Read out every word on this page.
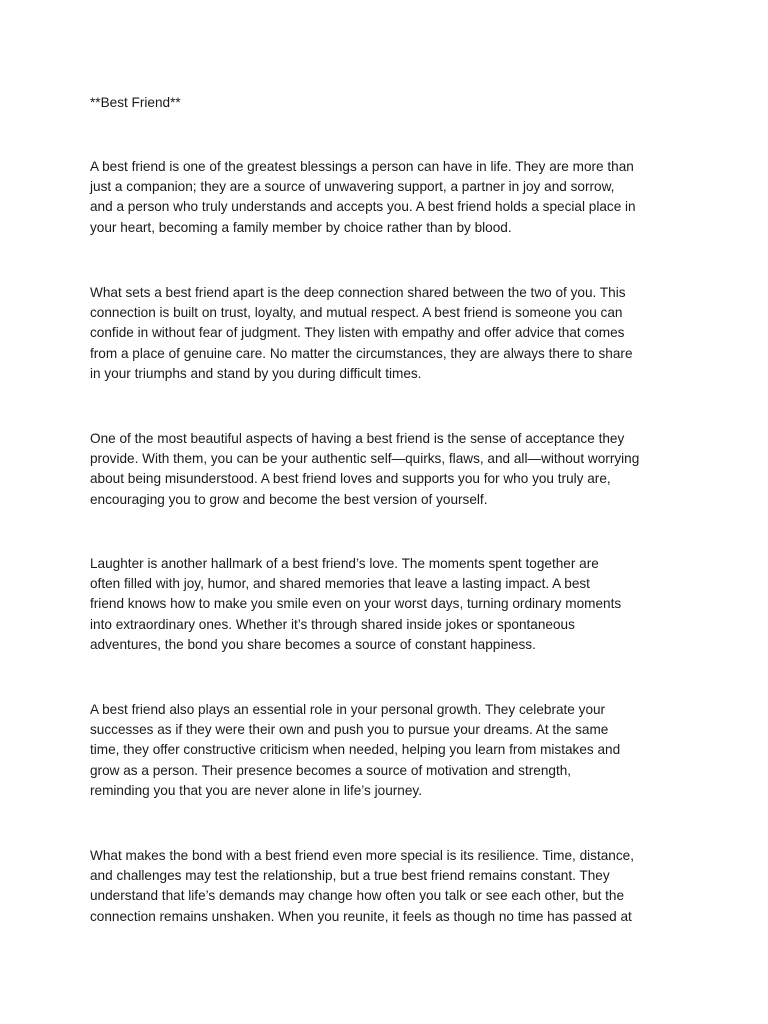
**Best Friend**

A best friend is one of the greatest blessings a person can have in life. They are more than
just a companion; they are a source of unwavering support, a partner in joy and sorrow,
and a person who truly understands and accepts you. A best friend holds a special place in
your heart, becoming a family member by choice rather than by blood.
What sets a best friend apart is the deep connection shared between the two of you. This
connection is built on trust, loyalty, and mutual respect. A best friend is someone you can
confide in without fear of judgment. They listen with empathy and offer advice that comes
from a place of genuine care. No matter the circumstances, they are always there to share
in your triumphs and stand by you during difficult times.
One of the most beautiful aspects of having a best friend is the sense of acceptance they
provide. With them, you can be your authentic self—quirks, flaws, and all—without worrying
about being misunderstood. A best friend loves and supports you for who you truly are,
encouraging you to grow and become the best version of yourself.
Laughter is another hallmark of a best friend’s love. The moments spent together are
often filled with joy, humor, and shared memories that leave a lasting impact. A best
friend knows how to make you smile even on your worst days, turning ordinary moments
into extraordinary ones. Whether it’s through shared inside jokes or spontaneous
adventures, the bond you share becomes a source of constant happiness.
A best friend also plays an essential role in your personal growth. They celebrate your
successes as if they were their own and push you to pursue your dreams. At the same
time, they offer constructive criticism when needed, helping you learn from mistakes and
grow as a person. Their presence becomes a source of motivation and strength,
reminding you that you are never alone in life’s journey.
What makes the bond with a best friend even more special is its resilience. Time, distance,
and challenges may test the relationship, but a true best friend remains constant. They
understand that life’s demands may change how often you talk or see each other, but the
connection remains unshaken. When you reunite, it feels as though no time has passed at
